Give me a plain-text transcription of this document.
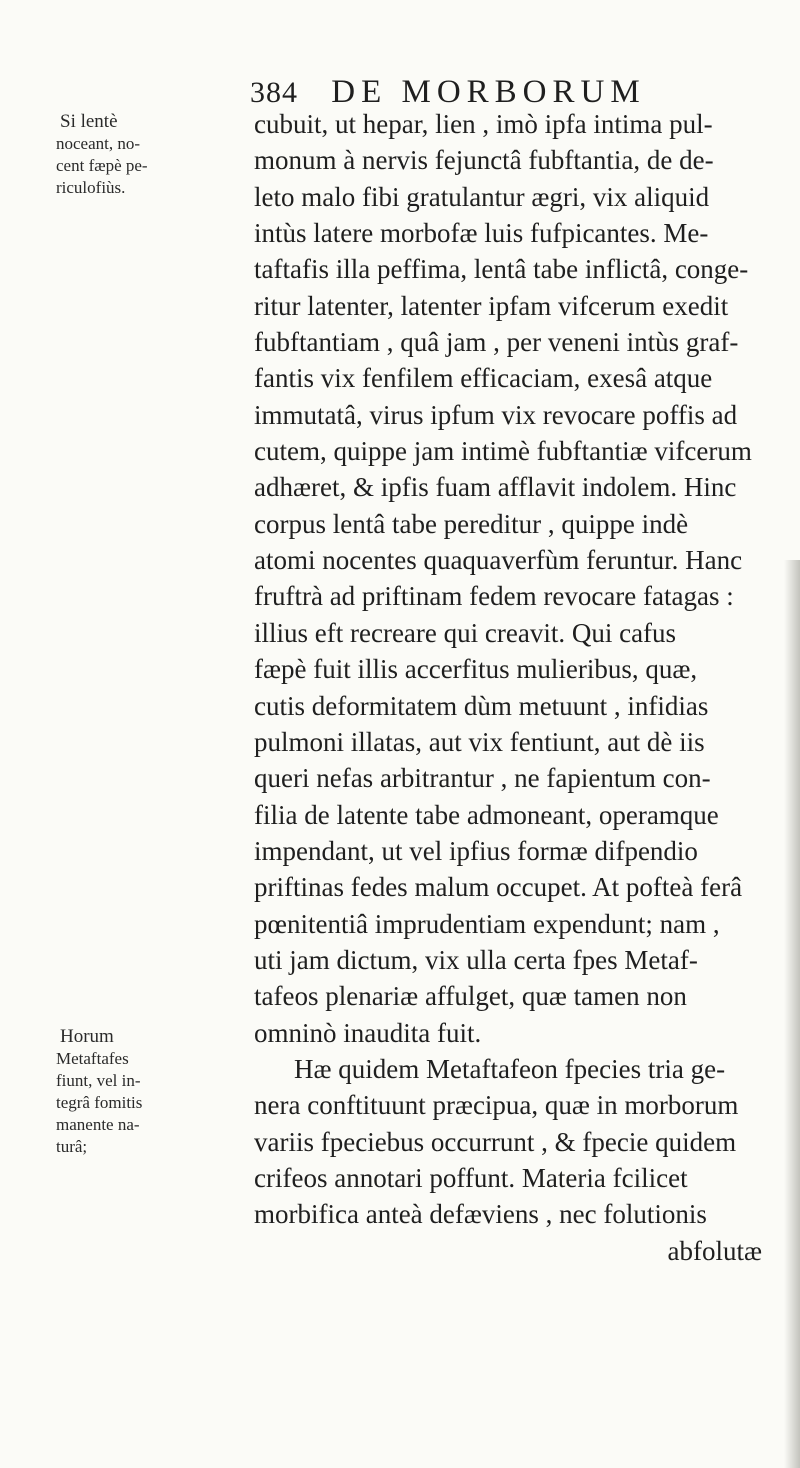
384 DE MORBORUM
Si lentè
noceant, no-
cent fæpè pe-
riculofiùs.
Horum
Metaftafes
fiunt, vel in-
tegrâ fomitis
manente na-
turâ;
cubuit, ut hepar, lien , imò ipfa intima pul-
monum à nervis fejunctâ fubftantia, de de-
leto malo fibi gratulantur ægri, vix aliquid
intùs latere morbofæ luis fufpicantes. Me-
taftafis illa peffima, lentâ tabe inflictâ, conge-
ritur latenter, latenter ipfam vifcerum exedit
fubftantiam , quâ jam , per veneni intùs graf-
fantis vix fenfilem efficaciam, exesâ atque
immutatâ, virus ipfum vix revocare poffis ad
cutem, quippe jam intimè fubftantiæ vifcerum
adhæret, & ipfis fuam afflavit indolem. Hinc
corpus lentâ tabe pereditur , quippe indè
atomi nocentes quaquaverfùm feruntur. Hanc
fruftrà ad priftinam fedem revocare fatagas :
illius eft recreare qui creavit. Qui cafus
fæpè fuit illis accerfitus mulieribus, quæ,
cutis deformitatem dùm metuunt , infidias
pulmoni illatas, aut vix fentiunt, aut dè iis
queri nefas arbitrantur , ne fapientum con-
filia de latente tabe admoneant, operamque
impendant, ut vel ipfius formæ difpendio
priftinas fedes malum occupet. At pofteà ferâ
pœnitentiâ imprudentiam expendunt; nam ,
uti jam dictum, vix ulla certa fpes Metaf-
tafeos plenariæ affulget, quæ tamen non
omninò inaudita fuit.
Hæ quidem Metaftafeon fpecies tria ge-
nera conftituunt præcipua, quæ in morborum
variis fpeciebus occurrunt , & fpecie quidem
crifeos annotari poffunt. Materia fcilicet
morbifica anteà defæviens , nec folutionis
abfolutæ
